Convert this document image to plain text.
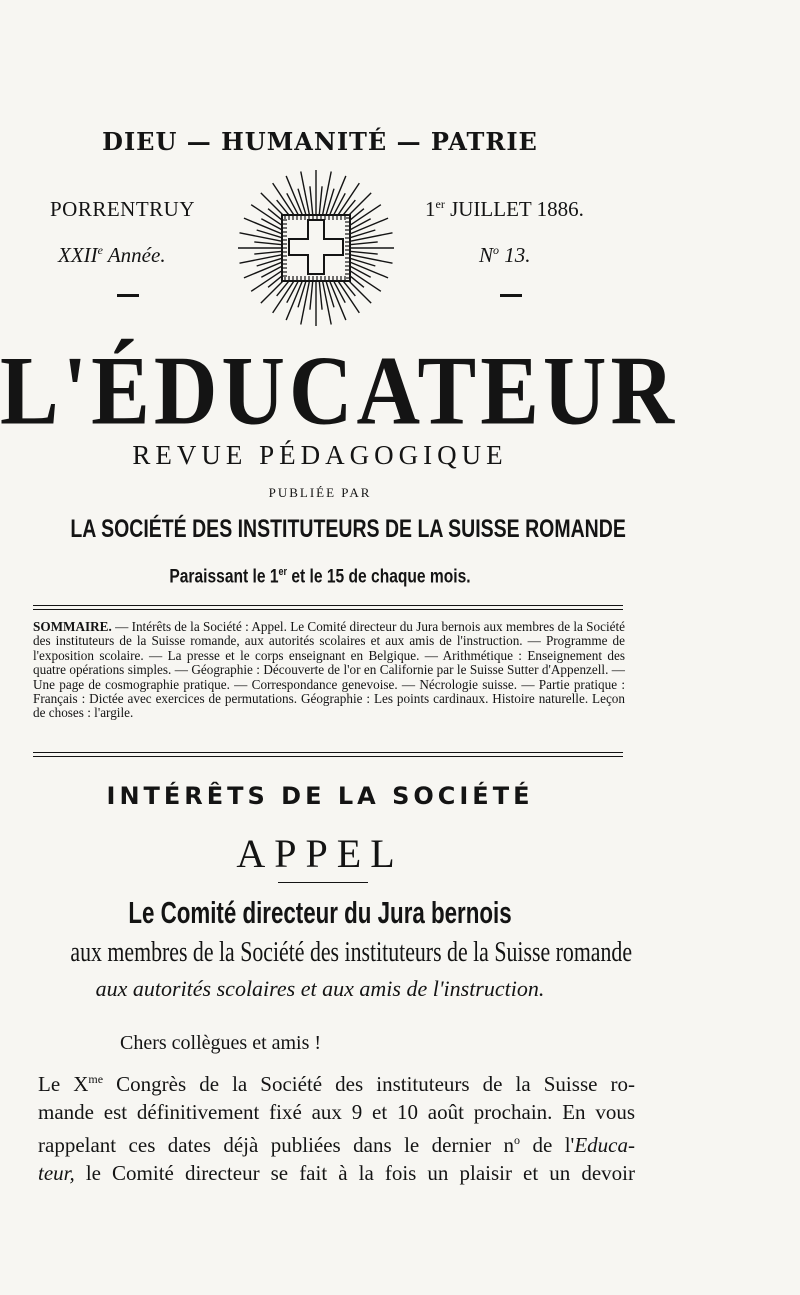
DIEU — HUMANITÉ — PATRIE
PORRENTRUY	1er JUILLET 1886.
XXIIe Année.	$N^o$ 13.
L'ÉDUCATEUR
REVUE PÉDAGOGIQUE
PUBLIÉE PAR
LA SOCIÉTÉ DES INSTITUTEURS DE LA SUISSE ROMANDE
Paraissant le 1er et le 15 de chaque mois.
SOMMAIRE. — Intérêts de la Société : Appel. Le Comité directeur du Jura bernois aux membres de la Société des instituteurs de la Suisse romande, aux autorités scolaires et aux amis de l'instruction. — Programme de l'exposition scolaire. — La presse et le corps enseignant en Belgique. — Arithmétique : Enseignement des quatre opérations simples. — Géographie : Découverte de l'or en Californie par le Suisse Sutter d'Appenzell. — Une page de cosmographie pratique. — Correspondance genevoise. — Nécrologie suisse. — Partie pratique : Français : Dictée avec exercices de permutations. Géographie : Les points cardinaux. Histoire naturelle. Leçon de choses : l'argile.
INTÉRÊTS DE LA SOCIÉTÉ
APPEL
Le Comité directeur du Jura bernois
aux membres de la Société des instituteurs de la Suisse romande
aux autorités scolaires et aux amis de l'instruction.
Chers collègues et amis !
Le $X^{me}$ Congrès de la Société des instituteurs de la Suisse ro-
mande est définitivement fixé aux 9 et 10 août prochain. En vous
rappelant ces dates déjà publiées dans le dernier $n^o$ de l'Educa-
teur, le Comité directeur se fait à la fois un plaisir et un devoir
